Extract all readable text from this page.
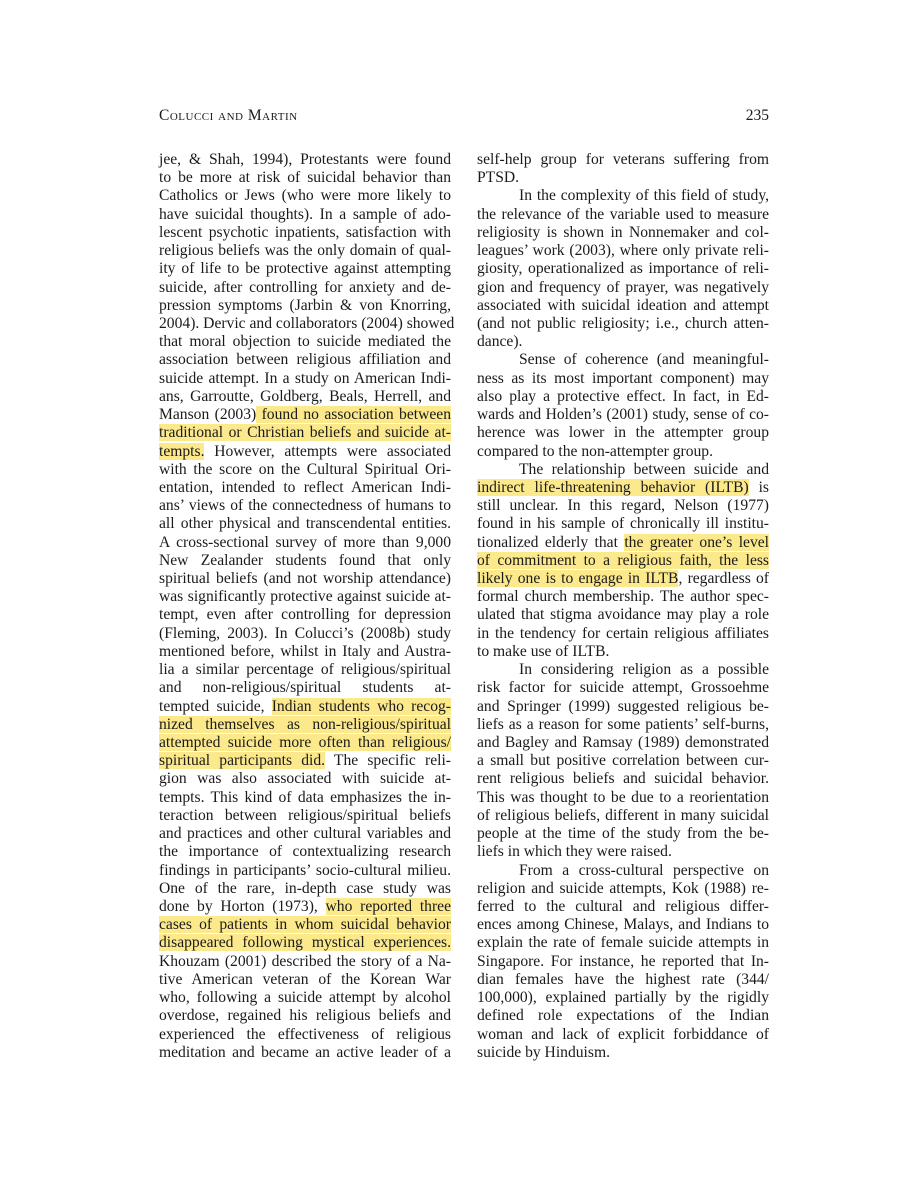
Colucci and Martin	235
jee, & Shah, 1994), Protestants were found
to be more at risk of suicidal behavior than
Catholics or Jews (who were more likely to
have suicidal thoughts). In a sample of ado-
lescent psychotic inpatients, satisfaction with
religious beliefs was the only domain of qual-
ity of life to be protective against attempting
suicide, after controlling for anxiety and de-
pression symptoms (Jarbin & von Knorring,
2004). Dervic and collaborators (2004) showed
that moral objection to suicide mediated the
association between religious affiliation and
suicide attempt. In a study on American Indi-
ans, Garroutte, Goldberg, Beals, Herrell, and
Manson (2003) found no association between
traditional or Christian beliefs and suicide at-
tempts. However, attempts were associated
with the score on the Cultural Spiritual Ori-
entation, intended to reflect American Indi-
ans’ views of the connectedness of humans to
all other physical and transcendental entities.
A cross-sectional survey of more than 9,000
New Zealander students found that only
spiritual beliefs (and not worship attendance)
was significantly protective against suicide at-
tempt, even after controlling for depression
(Fleming, 2003). In Colucci’s (2008b) study
mentioned before, whilst in Italy and Austra-
lia a similar percentage of religious/spiritual
and non-religious/spiritual students at-
tempted suicide, Indian students who recog-
nized themselves as non-religious/spiritual
attempted suicide more often than religious/
spiritual participants did. The specific reli-
gion was also associated with suicide at-
tempts. This kind of data emphasizes the in-
teraction between religious/spiritual beliefs
and practices and other cultural variables and
the importance of contextualizing research
findings in participants’ socio-cultural milieu.
One of the rare, in-depth case study was
done by Horton (1973), who reported three
cases of patients in whom suicidal behavior
disappeared following mystical experiences.
Khouzam (2001) described the story of a Na-
tive American veteran of the Korean War
who, following a suicide attempt by alcohol
overdose, regained his religious beliefs and
experienced the effectiveness of religious
meditation and became an active leader of a
self-help group for veterans suffering from
PTSD.
In the complexity of this field of study,
the relevance of the variable used to measure
religiosity is shown in Nonnemaker and col-
leagues’ work (2003), where only private reli-
giosity, operationalized as importance of reli-
gion and frequency of prayer, was negatively
associated with suicidal ideation and attempt
(and not public religiosity; i.e., church atten-
dance).
Sense of coherence (and meaningful-
ness as its most important component) may
also play a protective effect. In fact, in Ed-
wards and Holden’s (2001) study, sense of co-
herence was lower in the attempter group
compared to the non-attempter group.
The relationship between suicide and
indirect life-threatening behavior (ILTB) is
still unclear. In this regard, Nelson (1977)
found in his sample of chronically ill institu-
tionalized elderly that the greater one’s level
of commitment to a religious faith, the less
likely one is to engage in ILTB, regardless of
formal church membership. The author spec-
ulated that stigma avoidance may play a role
in the tendency for certain religious affiliates
to make use of ILTB.
In considering religion as a possible
risk factor for suicide attempt, Grossoehme
and Springer (1999) suggested religious be-
liefs as a reason for some patients’ self-burns,
and Bagley and Ramsay (1989) demonstrated
a small but positive correlation between cur-
rent religious beliefs and suicidal behavior.
This was thought to be due to a reorientation
of religious beliefs, different in many suicidal
people at the time of the study from the be-
liefs in which they were raised.
From a cross-cultural perspective on
religion and suicide attempts, Kok (1988) re-
ferred to the cultural and religious differ-
ences among Chinese, Malays, and Indians to
explain the rate of female suicide attempts in
Singapore. For instance, he reported that In-
dian females have the highest rate (344/
100,000), explained partially by the rigidly
defined role expectations of the Indian
woman and lack of explicit forbiddance of
suicide by Hinduism.
